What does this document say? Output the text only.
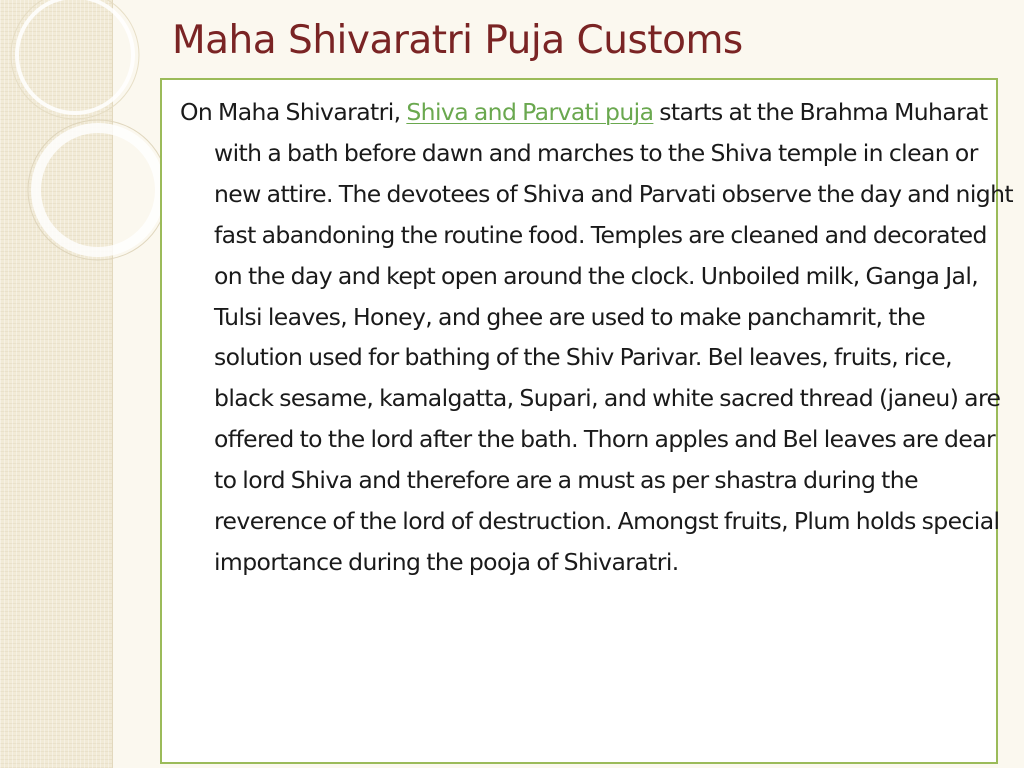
Maha Shivaratri Puja Customs

On Maha Shivaratri, Shiva and Parvati puja starts at the Brahma Muharat with a bath before dawn and marches to the Shiva temple in clean or new attire. The devotees of Shiva and Parvati observe the day and night fast abandoning the routine food. Temples are cleaned and decorated on the day and kept open around the clock. Unboiled milk, Ganga Jal, Tulsi leaves, Honey, and ghee are used to make panchamrit, the solution used for bathing of the Shiv Parivar. Bel leaves, fruits, rice, black sesame, kamalgatta, Supari, and white sacred thread (janeu) are offered to the lord after the bath. Thorn apples and Bel leaves are dear to lord Shiva and therefore are a must as per shastra during the reverence of the lord of destruction. Amongst fruits, Plum holds special importance during the pooja of Shivaratri.
